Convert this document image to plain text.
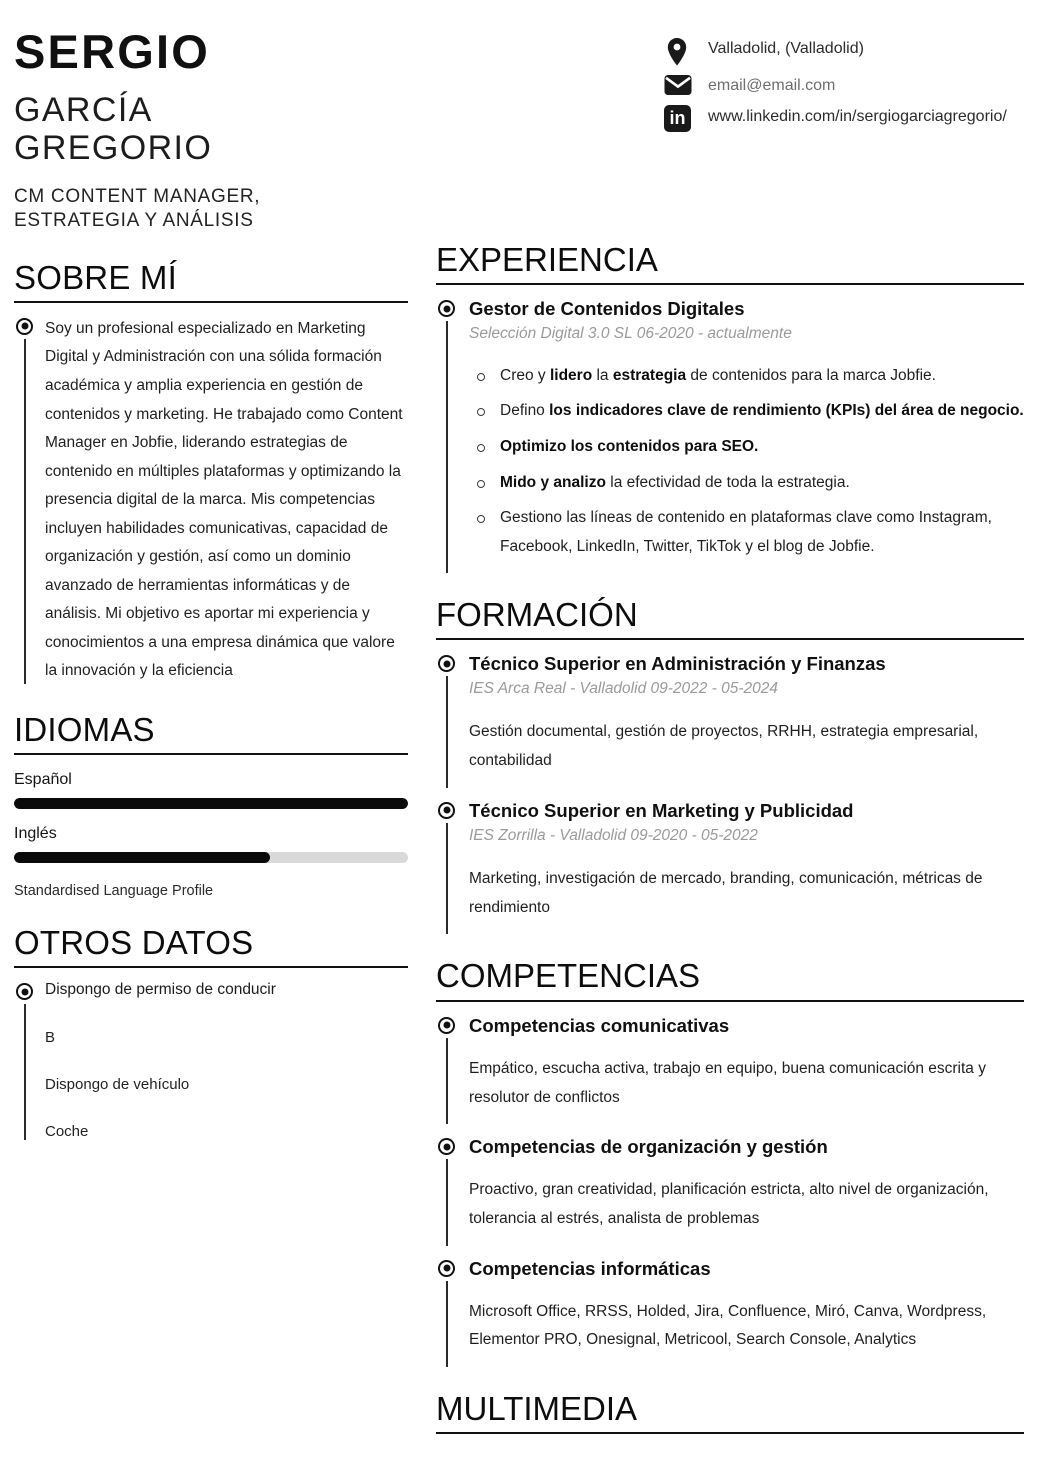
SERGIO
GARCÍA
GREGORIO
CM CONTENT MANAGER,
ESTRATEGIA Y ANÁLISIS
SOBRE MÍ
Soy un profesional especializado en Marketing Digital y Administración con una sólida formación académica y amplia experiencia en gestión de contenidos y marketing. He trabajado como Content Manager en Jobfie, liderando estrategias de contenido en múltiples plataformas y optimizando la presencia digital de la marca. Mis competencias incluyen habilidades comunicativas, capacidad de organización y gestión, así como un dominio avanzado de herramientas informáticas y de análisis. Mi objetivo es aportar mi experiencia y conocimientos a una empresa dinámica que valore la innovación y la eficiencia
IDIOMAS
Español
Inglés
Standardised Language Profile
OTROS DATOS
Dispongo de permiso de conducir
B
Dispongo de vehículo
Coche
Valladolid, (Valladolid)
email@email.com
in	www.linkedin.com/in/sergiogarciagregorio/
EXPERIENCIA
Gestor de Contenidos Digitales
Selección Digital 3.0 SL 06-2020 - actualmente
Creo y lidero la estrategia de contenidos para la marca Jobfie.
Defino los indicadores clave de rendimiento (KPIs) del área de negocio.
Optimizo los contenidos para SEO.
Mido y analizo la efectividad de toda la estrategia.
Gestiono las líneas de contenido en plataformas clave como Instagram, Facebook, LinkedIn, Twitter, TikTok y el blog de Jobfie.
FORMACIÓN
Técnico Superior en Administración y Finanzas
IES Arca Real - Valladolid 09-2022 - 05-2024
Gestión documental, gestión de proyectos, RRHH, estrategia empresarial, contabilidad
Técnico Superior en Marketing y Publicidad
IES Zorrilla - Valladolid 09-2020 - 05-2022
Marketing, investigación de mercado, branding, comunicación, métricas de rendimiento
COMPETENCIAS
Competencias comunicativas
Empático, escucha activa, trabajo en equipo, buena comunicación escrita y resolutor de conflictos
Competencias de organización y gestión
Proactivo, gran creatividad, planificación estricta, alto nivel de organización, tolerancia al estrés, analista de problemas
Competencias informáticas
Microsoft Office, RRSS, Holded, Jira, Confluence, Miró, Canva, Wordpress, Elementor PRO, Onesignal, Metricool, Search Console, Analytics
MULTIMEDIA
